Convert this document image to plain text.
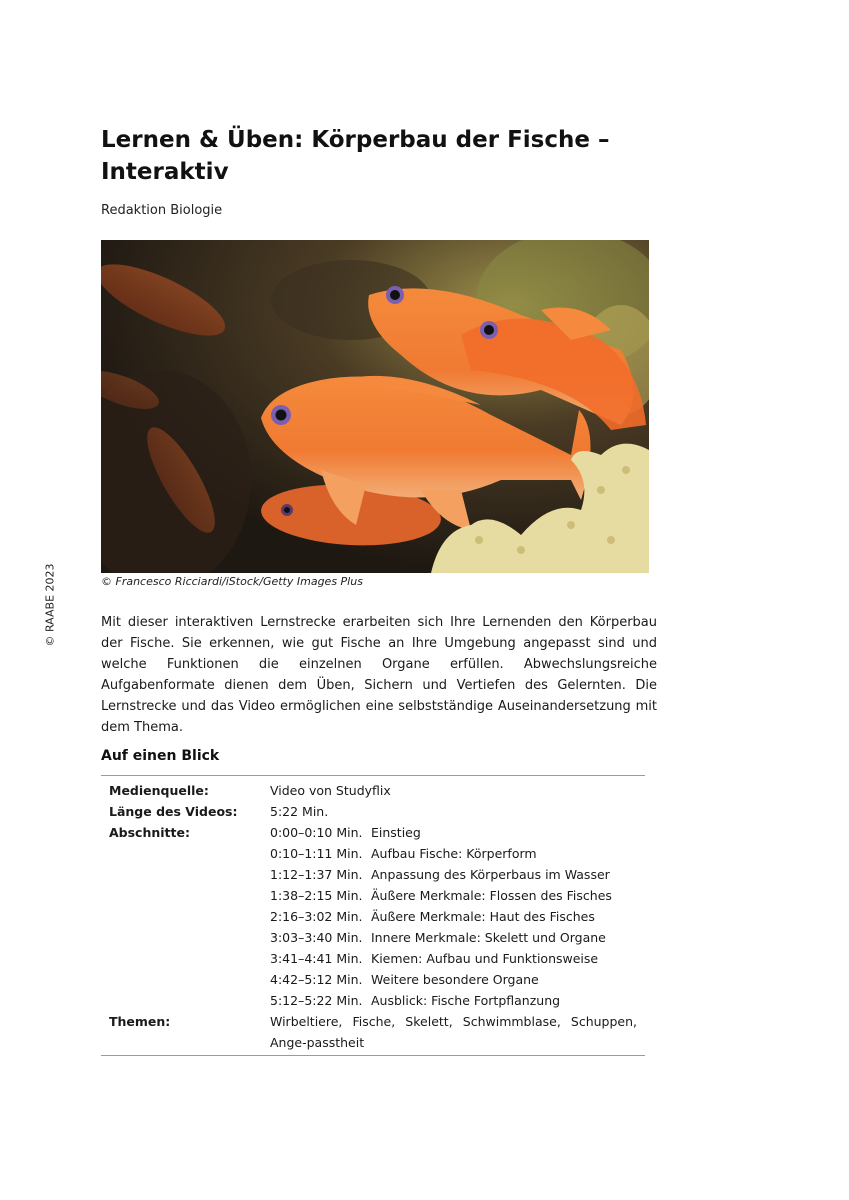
© RAABE 2023
Lernen & Üben: Körperbau der Fische – Interaktiv
Redaktion Biologie
© Francesco Ricciardi/iStock/Getty Images Plus

Mit dieser interaktiven Lernstrecke erarbeiten sich Ihre Lernenden den Körperbau der Fische. Sie erkennen, wie gut Fische an Ihre Umgebung angepasst sind und welche Funktionen die einzelnen Organe erfüllen. Abwechslungsreiche Aufgabenformate dienen dem Üben, Sichern und Vertiefen des Gelernten. Die Lernstrecke und das Video ermöglichen eine selbstständige Auseinandersetzung mit dem Thema.

Auf einen Blick
Medienquelle:	Video von Studyflix
Länge des Videos:	5:22 Min.
Abschnitte:	0:00–0:10 Min. Einstieg
0:10–1:11 Min. Aufbau Fische: Körperform
1:12–1:37 Min. Anpassung des Körperbaus im Wasser
1:38–2:15 Min. Äußere Merkmale: Flossen des Fisches
2:16–3:02 Min. Äußere Merkmale: Haut des Fisches
3:03–3:40 Min. Innere Merkmale: Skelett und Organe
3:41–4:41 Min. Kiemen: Aufbau und Funktionsweise
4:42–5:12 Min. Weitere besondere Organe
5:12–5:22 Min. Ausblick: Fische Fortpflanzung
Themen:	Wirbeltiere, Fische, Skelett, Schwimmblase, Schuppen, Ange-passtheit
